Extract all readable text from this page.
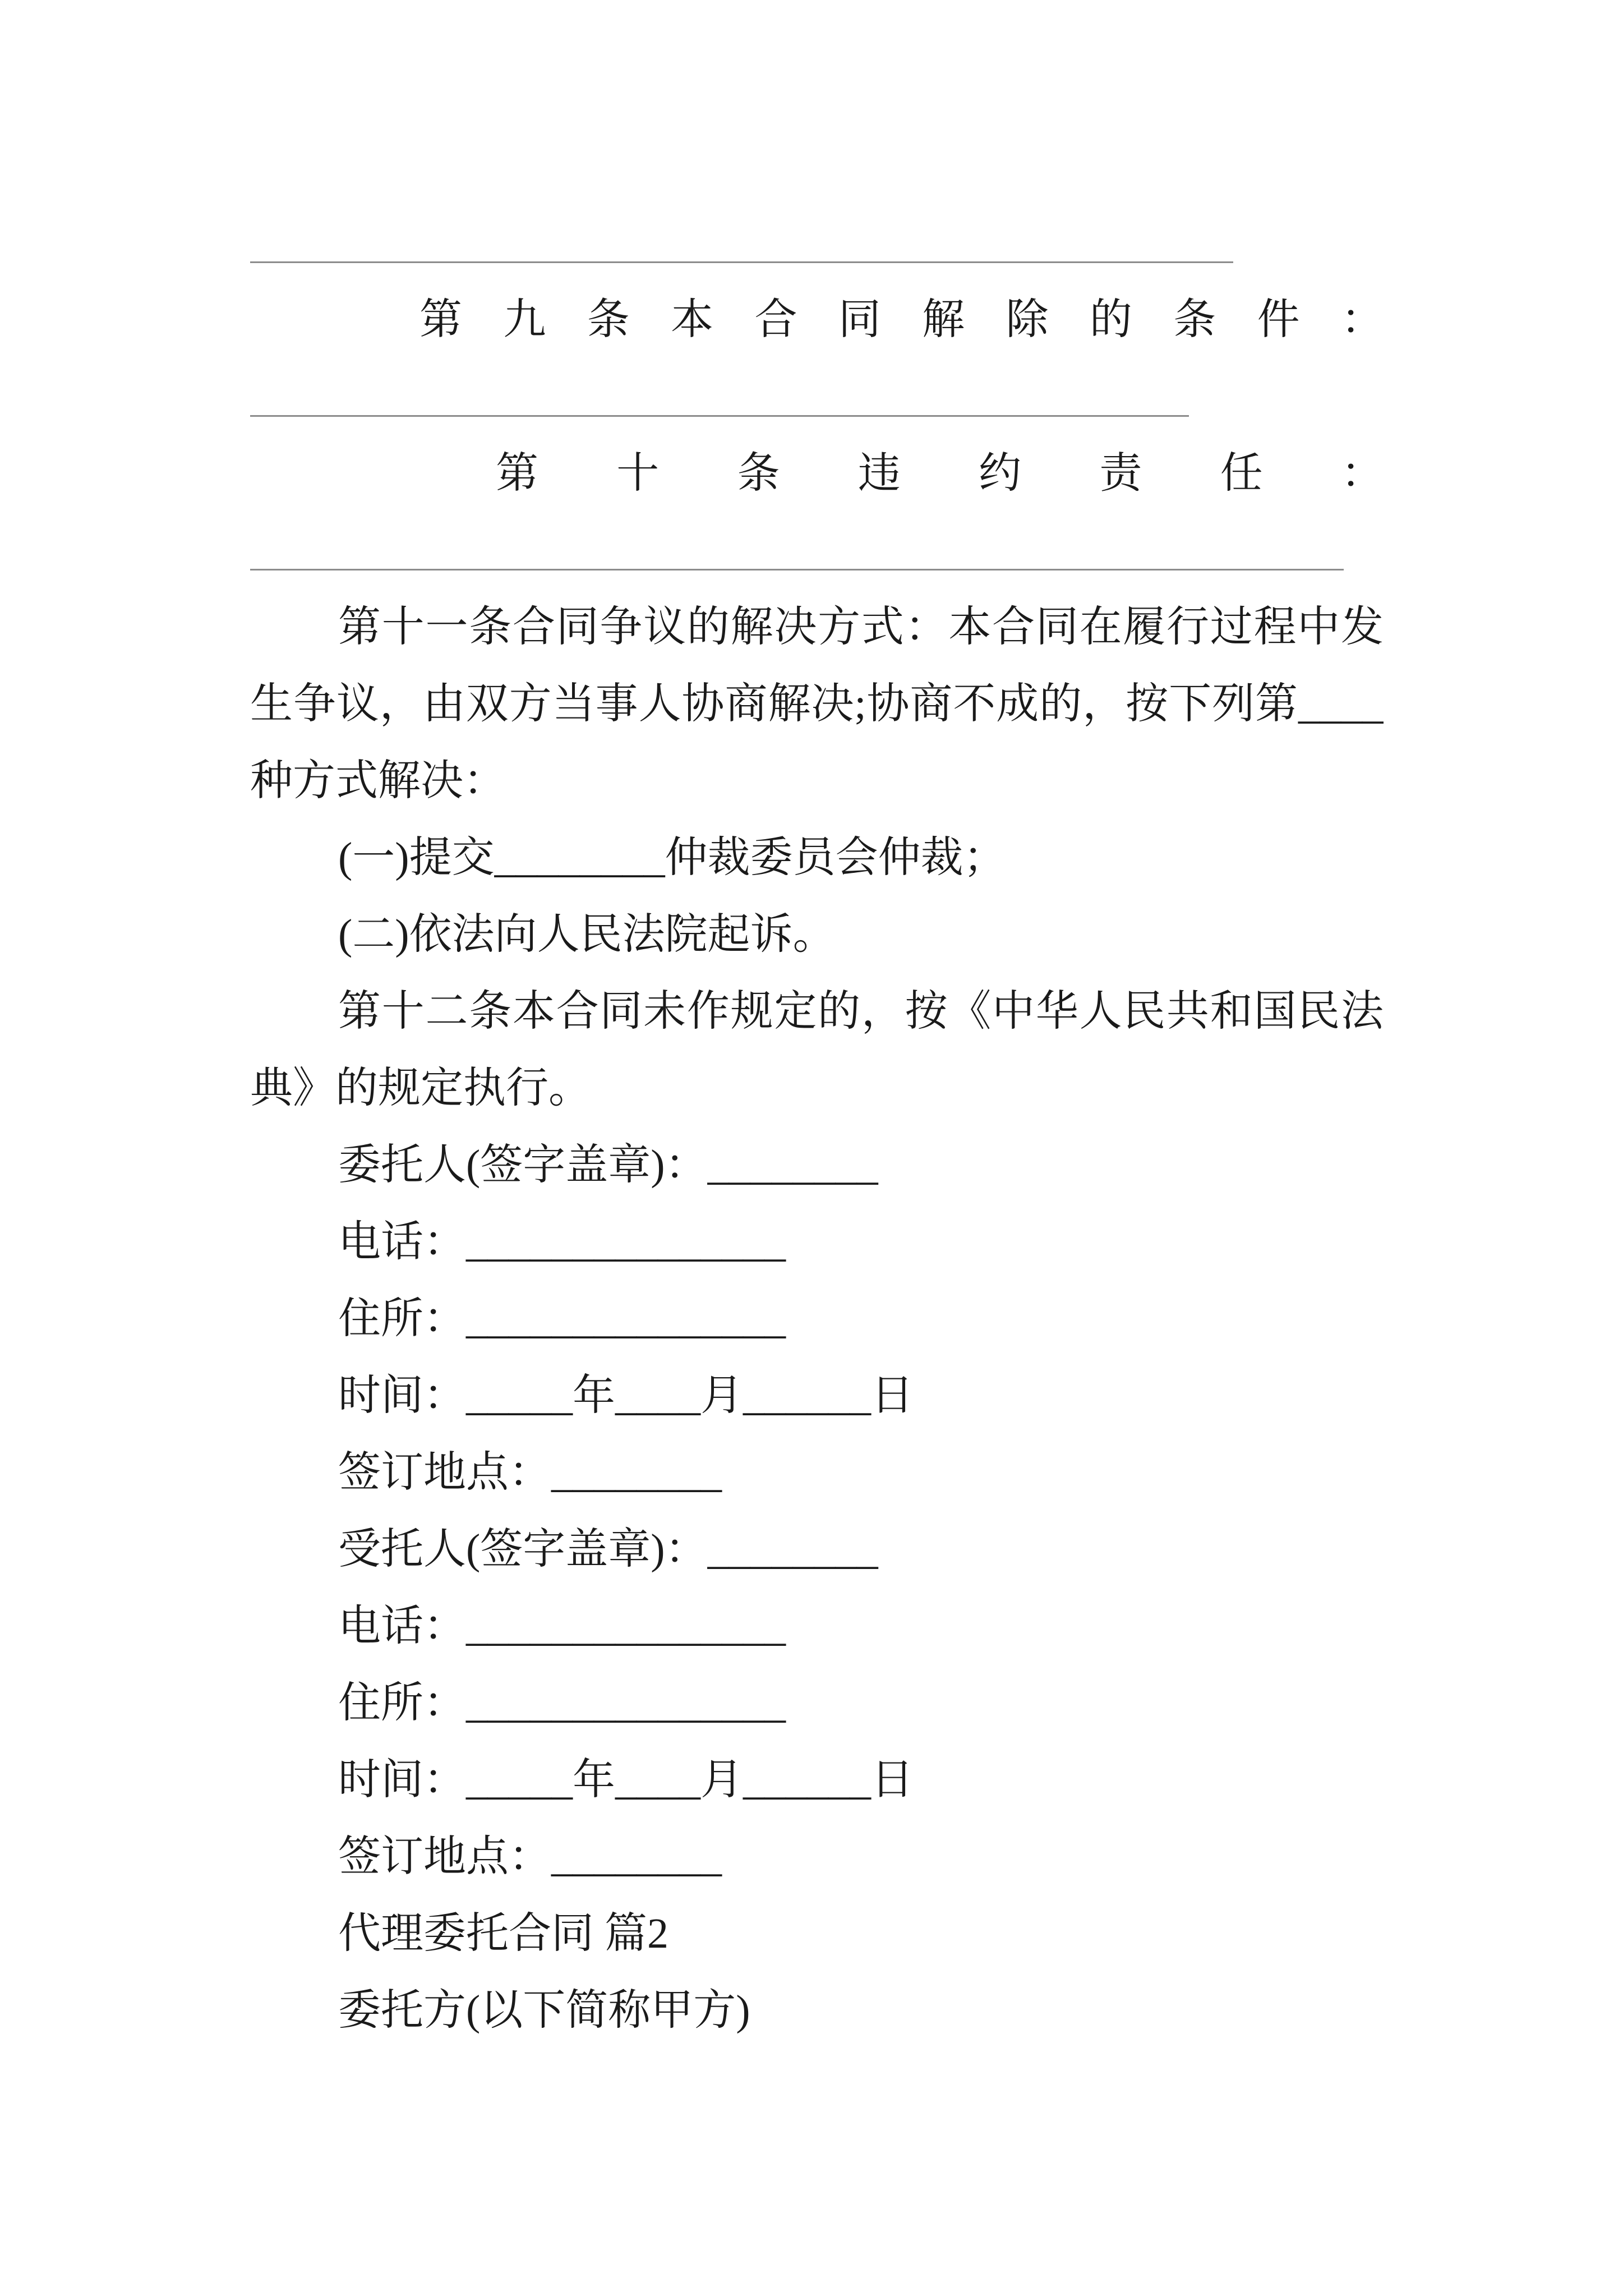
第九条本合同解除的条件：
第十条违约责任：
第十一条合同争议的解决方式：本合同在履行过程中发
生争议，由双方当事人协商解决;协商不成的，按下列第____
种方式解决：
(一)提交________仲裁委员会仲裁；
(二)依法向人民法院起诉。
第十二条本合同未作规定的，按《中华人民共和国民法
典》的规定执行。
委托人(签字盖章)：________
电话：_______________
住所：_______________
时间：_____年____月______日
签订地点：________
受托人(签字盖章)：________
电话：_______________
住所：_______________
时间：_____年____月______日
签订地点：________
代理委托合同 篇2
委托方(以下简称甲方)
